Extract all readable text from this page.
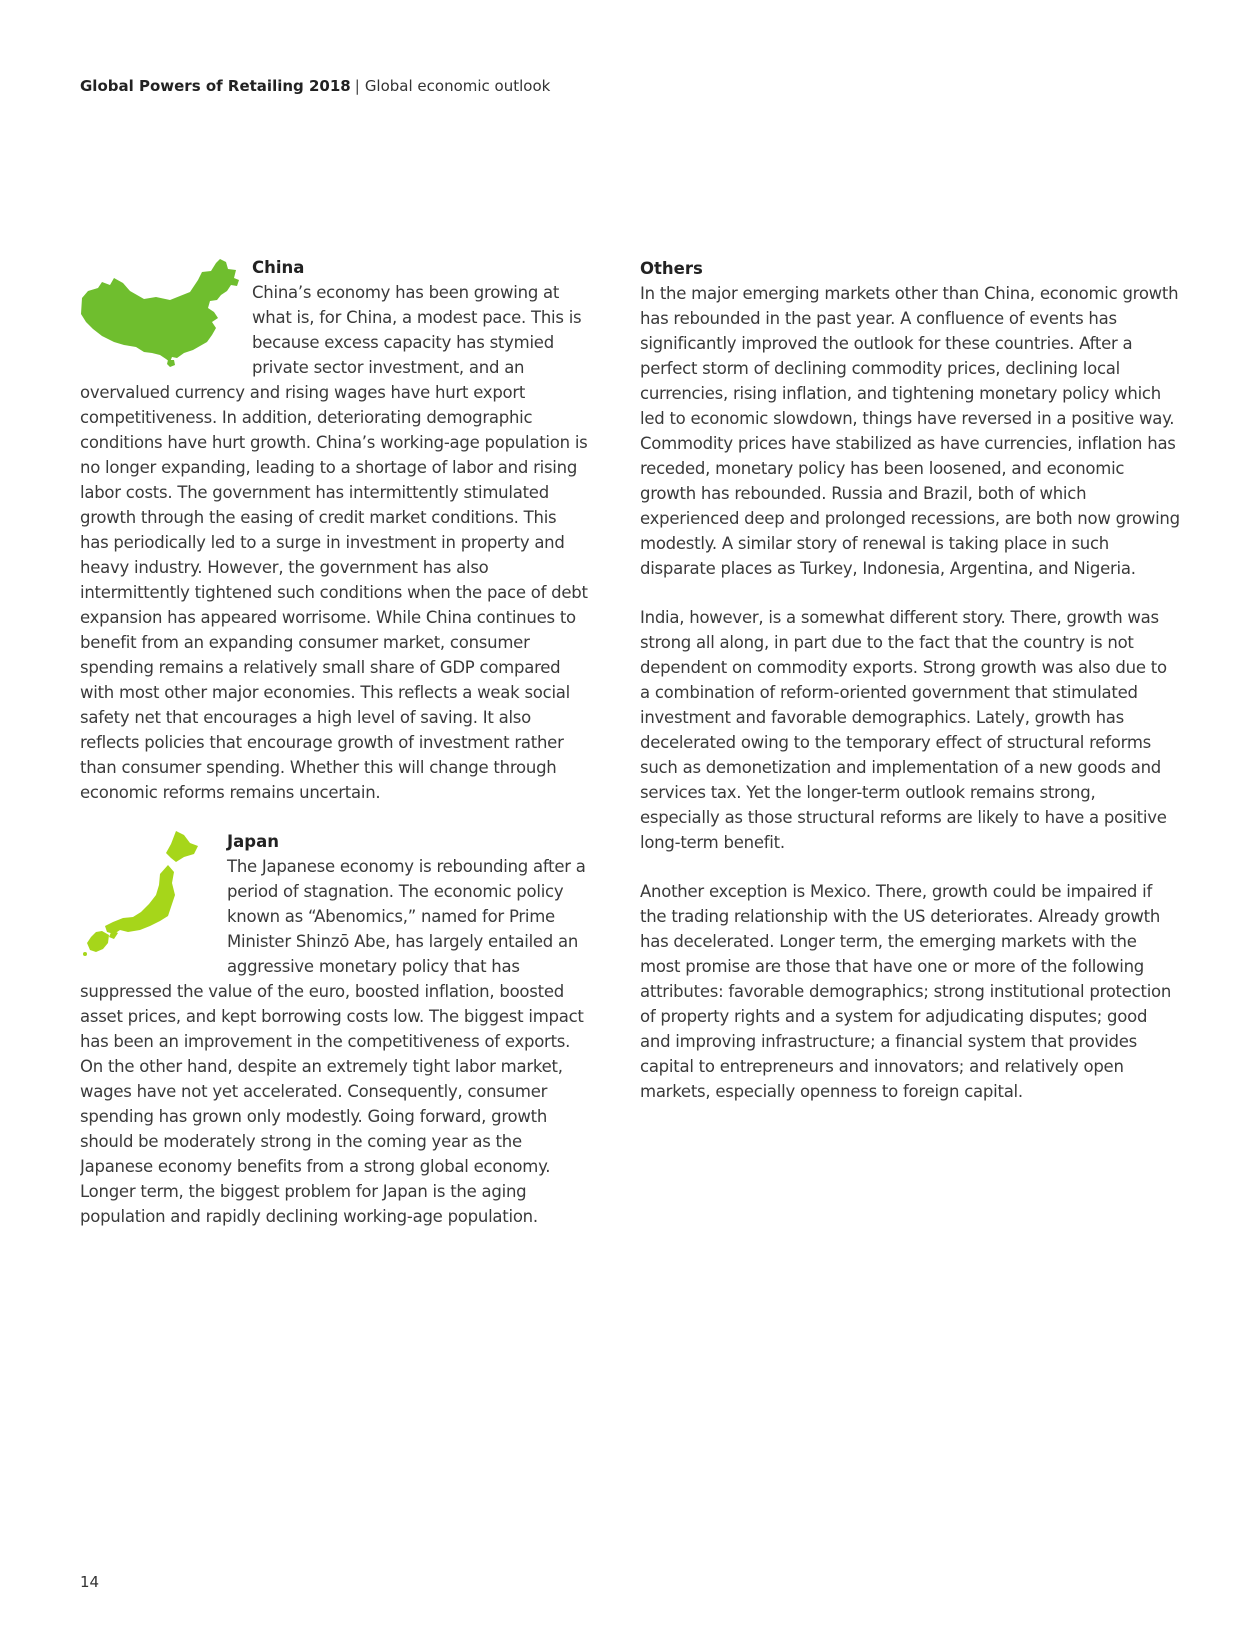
Global Powers of Retailing 2018 | Global economic outlook
China

China’s economy has been growing at what is, for China, a modest pace. This is because excess capacity has stymied private sector investment, and an overvalued currency and rising wages have hurt export competitiveness. In addition, deteriorating demographic conditions have hurt growth. China’s working-age population is no longer expanding, leading to a shortage of labor and rising labor costs. The government has intermittently stimulated growth through the easing of credit market conditions. This has periodically led to a surge in investment in property and heavy industry. However, the government has also intermittently tightened such conditions when the pace of debt expansion has appeared worrisome. While China continues to benefit from an expanding consumer market, consumer spending remains a relatively small share of GDP compared with most other major economies. This reflects a weak social safety net that encourages a high level of saving. It also reflects policies that encourage growth of investment rather than consumer spending. Whether this will change through economic reforms remains uncertain.

Japan

The Japanese economy is rebounding after a period of stagnation. The economic policy known as “Abenomics,” named for Prime Minister Shinzō Abe, has largely entailed an aggressive monetary policy that has suppressed the value of the euro, boosted inflation, boosted asset prices, and kept borrowing costs low. The biggest impact has been an improvement in the competitiveness of exports. On the other hand, despite an extremely tight labor market, wages have not yet accelerated. Consequently, consumer spending has grown only modestly. Going forward, growth should be moderately strong in the coming year as the Japanese economy benefits from a strong global economy. Longer term, the biggest problem for Japan is the aging population and rapidly declining working-age population.

Others

In the major emerging markets other than China, economic growth has rebounded in the past year. A confluence of events has significantly improved the outlook for these countries. After a perfect storm of declining commodity prices, declining local currencies, rising inflation, and tightening monetary policy which led to economic slowdown, things have reversed in a positive way. Commodity prices have stabilized as have currencies, inflation has receded, monetary policy has been loosened, and economic growth has rebounded. Russia and Brazil, both of which experienced deep and prolonged recessions, are both now growing modestly. A similar story of renewal is taking place in such disparate places as Turkey, Indonesia, Argentina, and Nigeria.

India, however, is a somewhat different story. There, growth was strong all along, in part due to the fact that the country is not dependent on commodity exports. Strong growth was also due to a combination of reform-oriented government that stimulated investment and favorable demographics. Lately, growth has decelerated owing to the temporary effect of structural reforms such as demonetization and implementation of a new goods and services tax. Yet the longer-term outlook remains strong, especially as those structural reforms are likely to have a positive long-term benefit.

Another exception is Mexico. There, growth could be impaired if the trading relationship with the US deteriorates. Already growth has decelerated. Longer term, the emerging markets with the most promise are those that have one or more of the following attributes: favorable demographics; strong institutional protection of property rights and a system for adjudicating disputes; good and improving infrastructure; a financial system that provides capital to entrepreneurs and innovators; and relatively open markets, especially openness to foreign capital.

14
